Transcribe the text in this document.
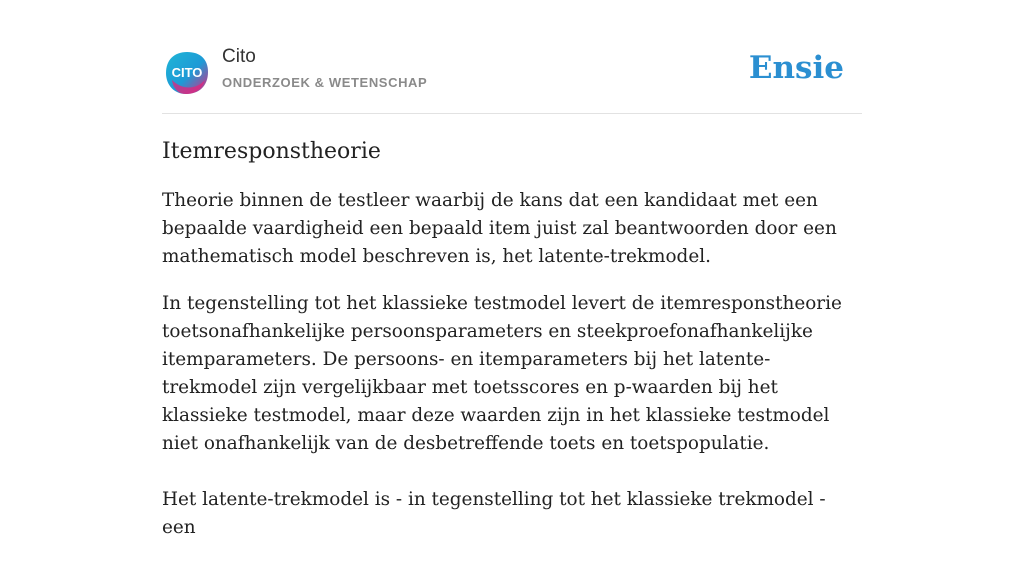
CITO
Cito
ONDERZOEK & WETENSCHAP	Ensie
Itemresponstheorie

Theorie binnen de testleer waarbij de kans dat een kandidaat met een bepaalde vaardigheid een bepaald item juist zal beantwoorden door een mathematisch model beschreven is, het latente-trekmodel.

In tegenstelling tot het klassieke testmodel levert de itemresponstheorie toetsonafhankelijke persoonsparameters en steekproefonafhankelijke itemparameters. De persoons- en itemparameters bij het latente-trekmodel zijn vergelijkbaar met toetsscores en p-waarden bij het klassieke testmodel, maar deze waarden zijn in het klassieke testmodel niet onafhankelijk van de desbetreffende toets en toetspopulatie.

Het latente-trekmodel is - in tegenstelling tot het klassieke trekmodel - een
